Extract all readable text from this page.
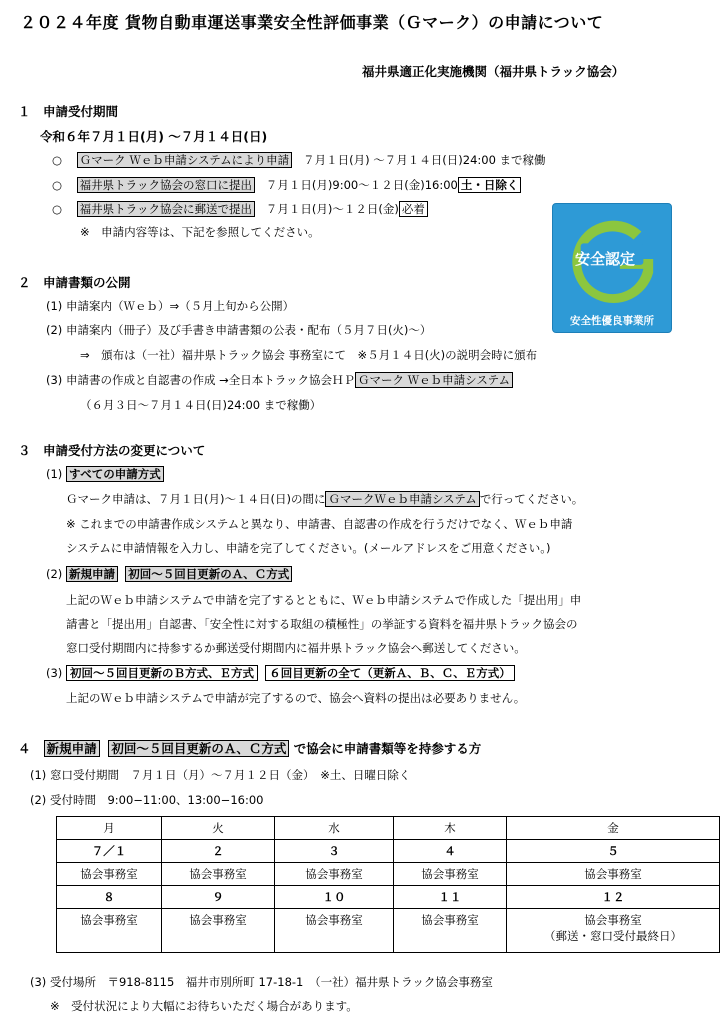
２０２４年度 貨物自動車運送事業安全性評価事業（Ｇマーク）の申請について
福井県適正化実施機関（福井県トラック協会）
１　申請受付期間
令和６年７月１日(月) ～７月１４日(日)
○ Ｇマーク Ｗｅｂ申請システムにより申請 ７月１日(月) ～７月１４日(日)24:00 まで稼働
○ 福井県トラック協会の窓口に提出 ７月１日(月)9:00～１２日(金)16:00 土・日除く
○ 福井県トラック協会に郵送で提出 ７月１日(月)～１２日(金) 必着
※　申請内容等は、下記を参照してください。
安全認定
安全性優良事業所
２　申請書類の公開
(1) 申請案内（Ｗｅｂ）⇒（５月上旬から公開）
(2) 申請案内（冊子）及び手書き申請書類の公表・配布（５月７日(火)～）
⇒　頒布は（一社）福井県トラック協会 事務室にて　※５月１４日(火)の説明会時に頒布
(3) 申請書の作成と自認書の作成 →全日本トラック協会ＨＰ Ｇマーク Ｗｅｂ申請システム
（６月３日～７月１４日(日)24:00 まで稼働）
３　申請受付方法の変更について
(1) すべての申請方式
Ｇマーク申請は、７月１日(月)～１４日(日)の間に ＧマークＷｅｂ申請システム で行ってください。
※ これまでの申請書作成システムと異なり、申請書、自認書の作成を行うだけでなく、Ｗｅｂ申請
システムに申請情報を入力し、申請を完了してください。(メールアドレスをご用意ください。)
(2) 新規申請 初回～５回目更新のＡ、Ｃ方式
上記のＷｅｂ申請システムで申請を完了するとともに、Ｗｅｂ申請システムで作成した「提出用」申
請書と「提出用」自認書、「安全性に対する取組の積極性」の挙証する資料を福井県トラック協会の
窓口受付期間内に持参するか郵送受付期間内に福井県トラック協会へ郵送してください。
(3) 初回～５回目更新のＢ方式、Ｅ方式 ６回目更新の全て（更新Ａ、Ｂ、Ｃ、Ｅ方式）
上記のＷｅｂ申請システムで申請が完了するので、協会へ資料の提出は必要ありません。
４ 新規申請 初回～５回目更新のＡ、Ｃ方式 で協会に申請書類等を持参する方
(1) 窓口受付期間　７月１日（月）～７月１２日（金）　※土、日曜日除く
(2) 受付時間　9:00−11:00、13:00−16:00
月	火	水	木	金
７／１	２	３	４	５
協会事務室	協会事務室	協会事務室	協会事務室	協会事務室
８	９	１０	１１	１２
協会事務室	協会事務室	協会事務室	協会事務室	協会事務室
（郵送・窓口受付最終日）
(3) 受付場所　〒918-8115　福井市別所町 17-18-1　（一社）福井県トラック協会事務室
※　受付状況により大幅にお待ちいただく場合があります。
